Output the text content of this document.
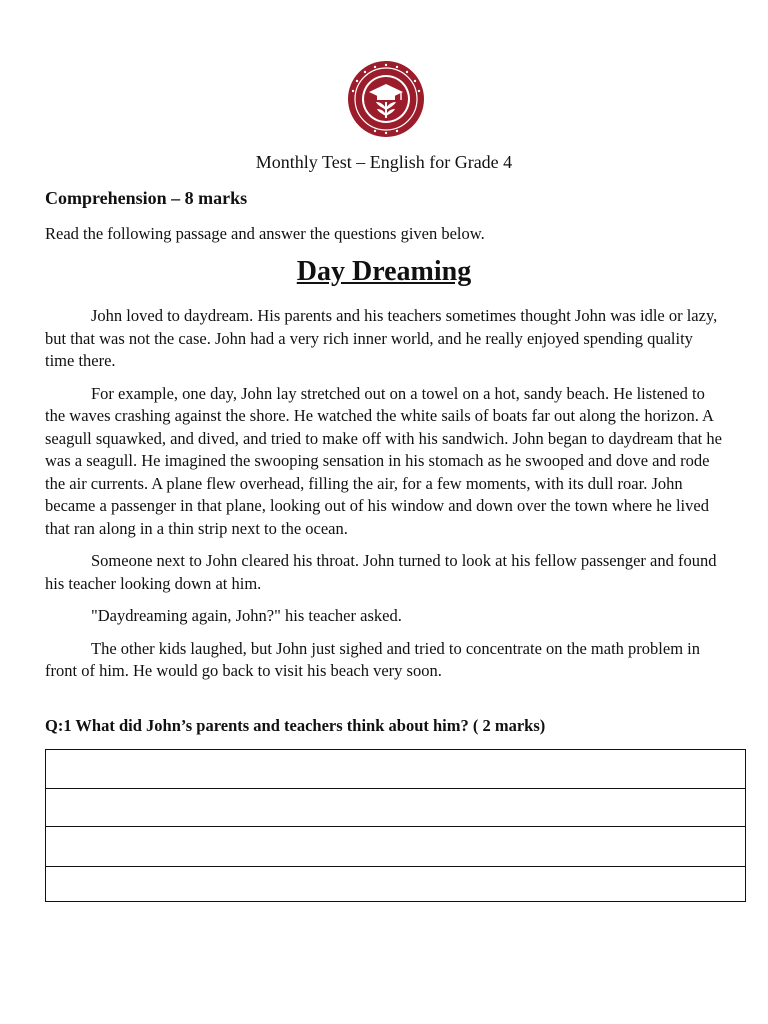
Monthly Test – English for Grade 4
Comprehension – 8 marks
Read the following passage and answer the questions given below.
Day Dreaming

John loved to daydream. His parents and his teachers sometimes thought John was idle or lazy, but that was not the case. John had a very rich inner world, and he really enjoyed spending quality time there.

For example, one day, John lay stretched out on a towel on a hot, sandy beach. He listened to the waves crashing against the shore. He watched the white sails of boats far out along the horizon. A seagull squawked, and dived, and tried to make off with his sandwich. John began to daydream that he was a seagull. He imagined the swooping sensation in his stomach as he swooped and dove and rode the air currents. A plane flew overhead, filling the air, for a few moments, with its dull roar. John became a passenger in that plane, looking out of his window and down over the town where he lived that ran along in a thin strip next to the ocean.

Someone next to John cleared his throat. John turned to look at his fellow passenger and found his teacher looking down at him.

"Daydreaming again, John?" his teacher asked.

The other kids laughed, but John just sighed and tried to concentrate on the math problem in front of him. He would go back to visit his beach very soon.

Q:1 What did John’s parents and teachers think about him? ( 2 marks)
